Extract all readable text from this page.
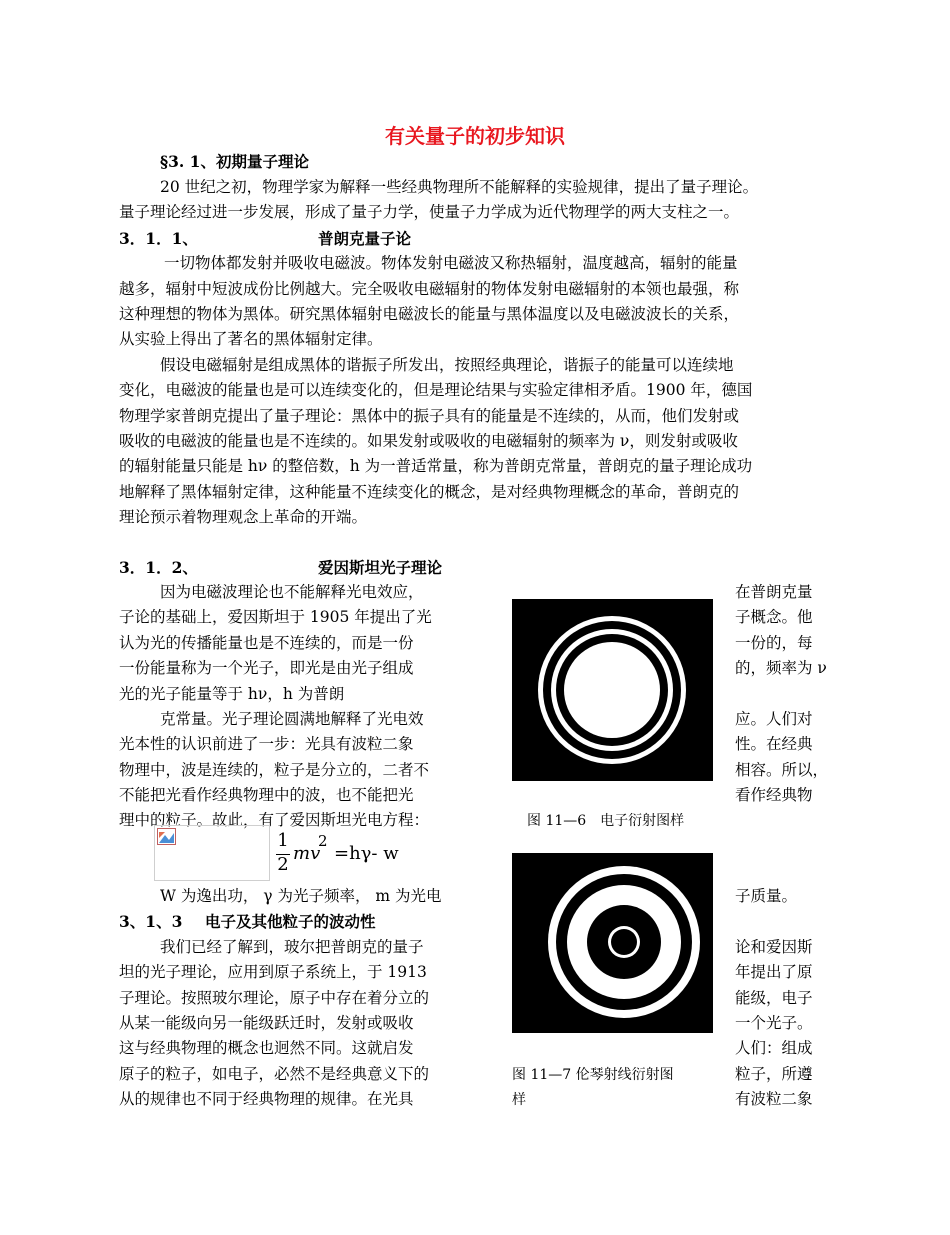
有关量子的初步知识
§3. 1、初期量子理论
20 世纪之初，物理学家为解释一些经典物理所不能解释的实验规律，提出了量子理论。
量子理论经过进一步发展，形成了量子力学，使量子力学成为近代物理学的两大支柱之一。
3．1．1、	普朗克量子论
一切物体都发射并吸收电磁波。物体发射电磁波又称热辐射，温度越高，辐射的能量
越多，辐射中短波成份比例越大。完全吸收电磁辐射的物体发射电磁辐射的本领也最强，称
这种理想的物体为黑体。研究黑体辐射电磁波长的能量与黑体温度以及电磁波波长的关系，
从实验上得出了著名的黑体辐射定律。
假设电磁辐射是组成黑体的谐振子所发出，按照经典理论，谐振子的能量可以连续地
变化，电磁波的能量也是可以连续变化的，但是理论结果与实验定律相矛盾。1900 年，德国
物理学家普朗克提出了量子理论：黑体中的振子具有的能量是不连续的，从而，他们发射或
吸收的电磁波的能量也是不连续的。如果发射或吸收的电磁辐射的频率为 ν，则发射或吸收
的辐射能量只能是 hν 的整倍数，h 为一普适常量，称为普朗克常量，普朗克的量子理论成功
地解释了黑体辐射定律，这种能量不连续变化的概念，是对经典物理概念的革命，普朗克的
理论预示着物理观念上革命的开端。
3．1．2、	爱因斯坦光子理论
因为电磁波理论也不能解释光电效应，
子论的基础上，爱因斯坦于 1905 年提出了光
认为光的传播能量也是不连续的，而是一份
一份能量称为一个光子，即光是由光子组成
光的光子能量等于 hν，h 为普朗
克常量。光子理论圆满地解释了光电效
光本性的认识前进了一步：光具有波粒二象
物理中，波是连续的，粒子是分立的，二者不
不能把光看作经典物理中的波，也不能把光
理中的粒子。故此，有了爱因斯坦光电方程：
在普朗克量
子概念。他
一份的，每
的，频率为 ν
应。人们对
性。在经典
相容。所以，
看作经典物
图 11—6　电子衍射图样
1
2
mv
2
=hγ- w
W 为逸出功， γ 为光子频率， m 为光电	子质量。
3、1、3 电子及其他粒子的波动性
我们已经了解到，玻尔把普朗克的量子
坦的光子理论，应用到原子系统上，于 1913
子理论。按照玻尔理论，原子中存在着分立的
从某一能级向另一能级跃迁时，发射或吸收
这与经典物理的概念也迥然不同。这就启发
原子的粒子，如电子，必然不是经典意义下的
从的规律也不同于经典物理的规律。在光具
论和爱因斯
年提出了原
能级，电子
一个光子。
人们：组成
粒子，所遵
有波粒二象
图 11—7 伦琴射线衍射图
样
